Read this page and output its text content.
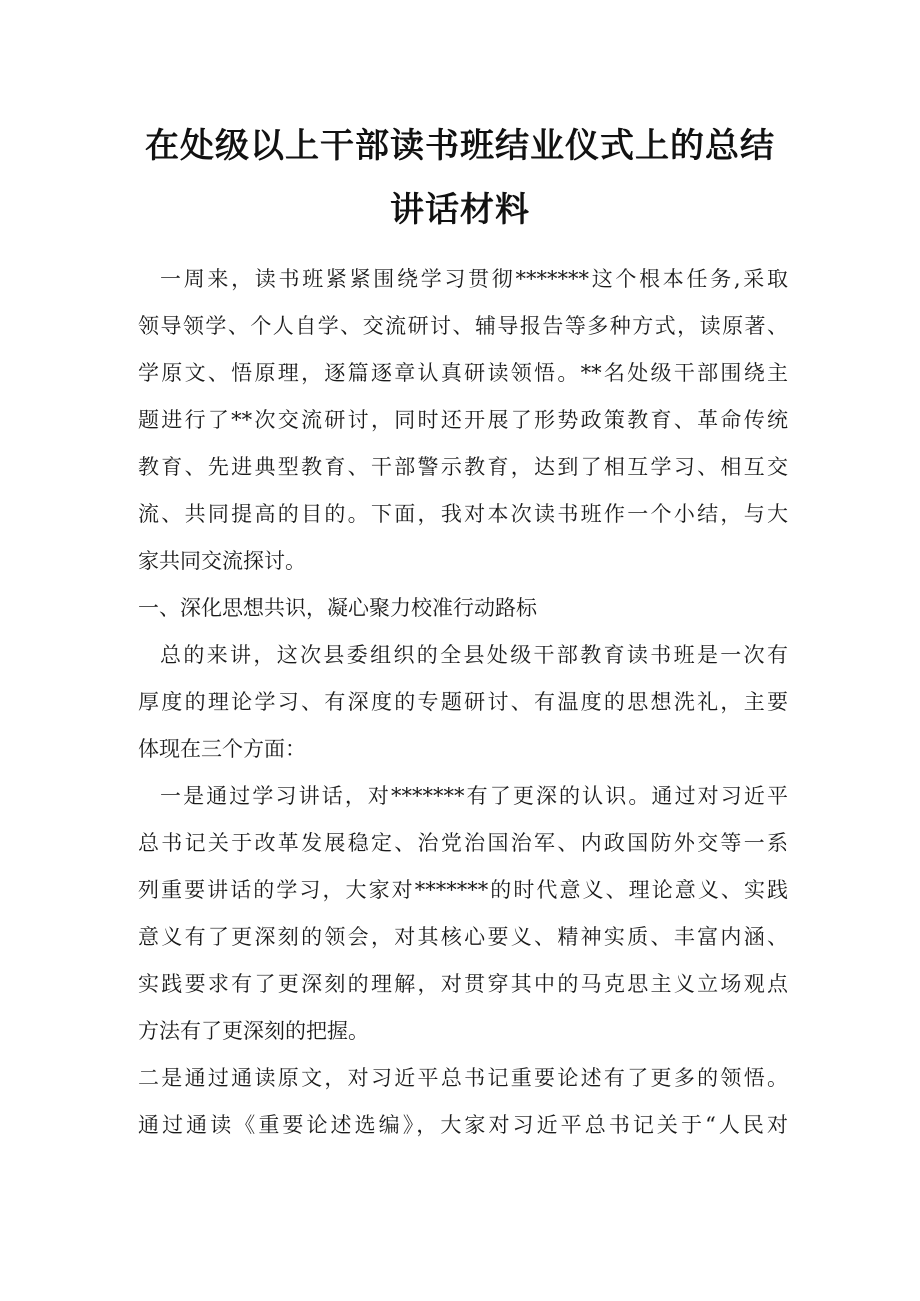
在处级以上干部读书班结业仪式上的总结
讲话材料
一周来，读书班紧紧围绕学习贯彻*******这个根本任务,采取
领导领学、个人自学、交流研讨、辅导报告等多种方式，读原著、
学原文、悟原理，逐篇逐章认真研读领悟。**名处级干部围绕主
题进行了**次交流研讨，同时还开展了形势政策教育、革命传统
教育、先进典型教育、干部警示教育，达到了相互学习、相互交
流、共同提高的目的。下面，我对本次读书班作一个小结，与大
家共同交流探讨。
一、深化思想共识，凝心聚力校准行动路标
总的来讲，这次县委组织的全县处级干部教育读书班是一次有
厚度的理论学习、有深度的专题研讨、有温度的思想洗礼，主要
体现在三个方面：
一是通过学习讲话，对*******有了更深的认识。通过对习近平
总书记关于改革发展稳定、治党治国治军、内政国防外交等一系
列重要讲话的学习，大家对*******的时代意义、理论意义、实践
意义有了更深刻的领会，对其核心要义、精神实质、丰富内涵、
实践要求有了更深刻的理解，对贯穿其中的马克思主义立场观点
方法有了更深刻的把握。
二是通过通读原文，对习近平总书记重要论述有了更多的领悟。
通过通读《重要论述选编》，大家对习近平总书记关于“人民对
